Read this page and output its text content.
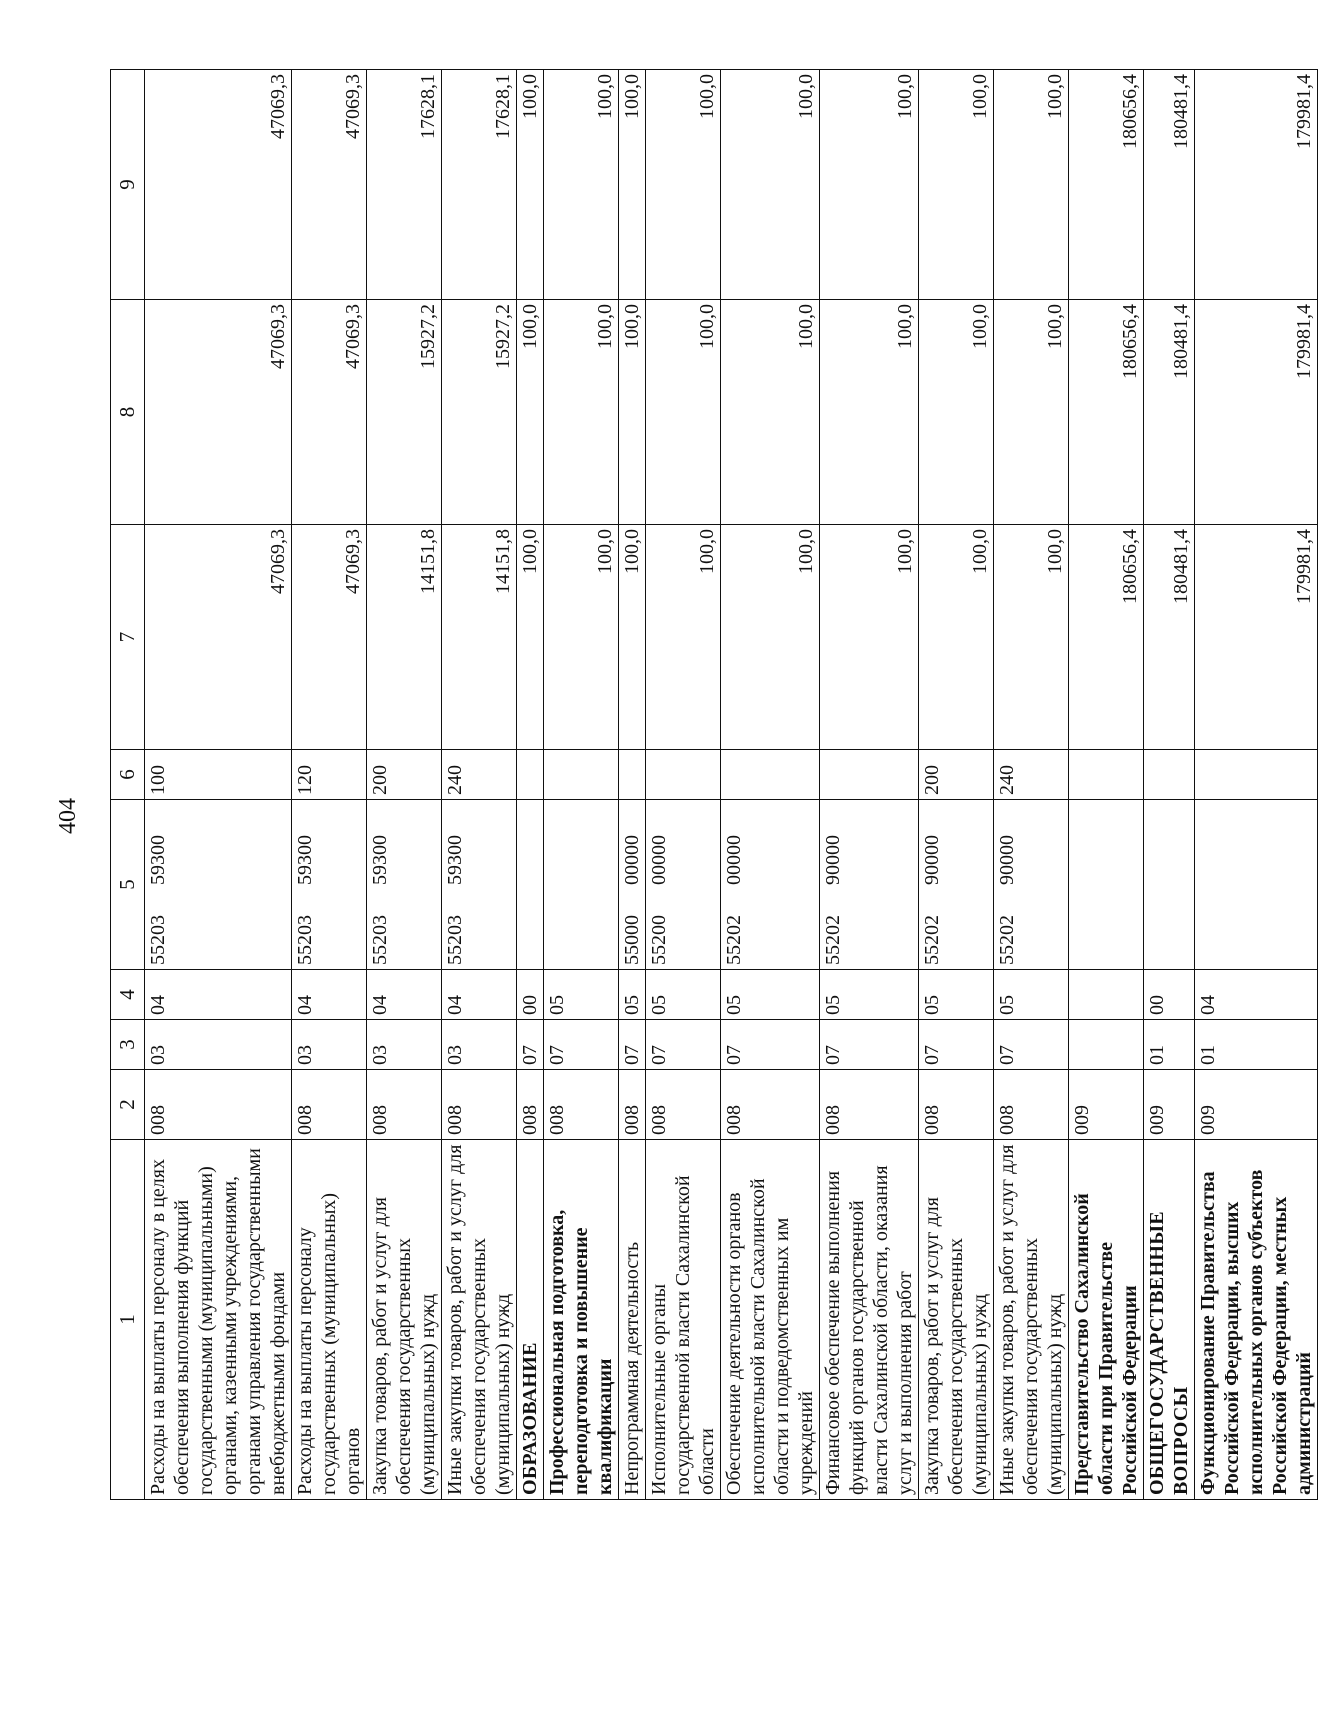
404
1	2	3	4	5	6	7	8	9
Расходы на выплаты персоналу в целях обеспечения выполнения функций государственными (муниципальными) органами, казенными учреждениями, органами управления государственными внебюджетными фондами	008	03	04	5520359300	100	47069,3	47069,3	47069,3
Расходы на выплаты персоналу государственных (муниципальных) органов	008	03	04	5520359300	120	47069,3	47069,3	47069,3
Закупка товаров, работ и услуг для обеспечения государственных (муниципальных) нужд	008	03	04	5520359300	200	14151,8	15927,2	17628,1
Иные закупки товаров, работ и услуг для обеспечения государственных (муниципальных) нужд	008	03	04	5520359300	240	14151,8	15927,2	17628,1
ОБРАЗОВАНИЕ	008	07	00			100,0	100,0	100,0
Профессиональная подготовка, переподготовка и повышение квалификации	008	07	05			100,0	100,0	100,0
Непрограммная деятельность	008	07	05	5500000000		100,0	100,0	100,0
Исполнительные органы государственной власти Сахалинской области	008	07	05	5520000000		100,0	100,0	100,0
Обеспечение деятельности органов исполнительной власти Сахалинской области и подведомственных им учреждений	008	07	05	5520200000		100,0	100,0	100,0
Финансовое обеспечение выполнения функций органов государственной власти Сахалинской области, оказания услуг и выполнения работ	008	07	05	5520290000		100,0	100,0	100,0
Закупка товаров, работ и услуг для обеспечения государственных (муниципальных) нужд	008	07	05	5520290000	200	100,0	100,0	100,0
Иные закупки товаров, работ и услуг для обеспечения государственных (муниципальных) нужд	008	07	05	5520290000	240	100,0	100,0	100,0
Представительство Сахалинской области при Правительстве Российской Федерации	009					180656,4	180656,4	180656,4
ОБЩЕГОСУДАРСТВЕННЫЕ ВОПРОСЫ	009	01	00			180481,4	180481,4	180481,4
Функционирование Правительства Российской Федерации, высших исполнительных органов субъектов Российской Федерации, местных администраций	009	01	04			179981,4	179981,4	179981,4
